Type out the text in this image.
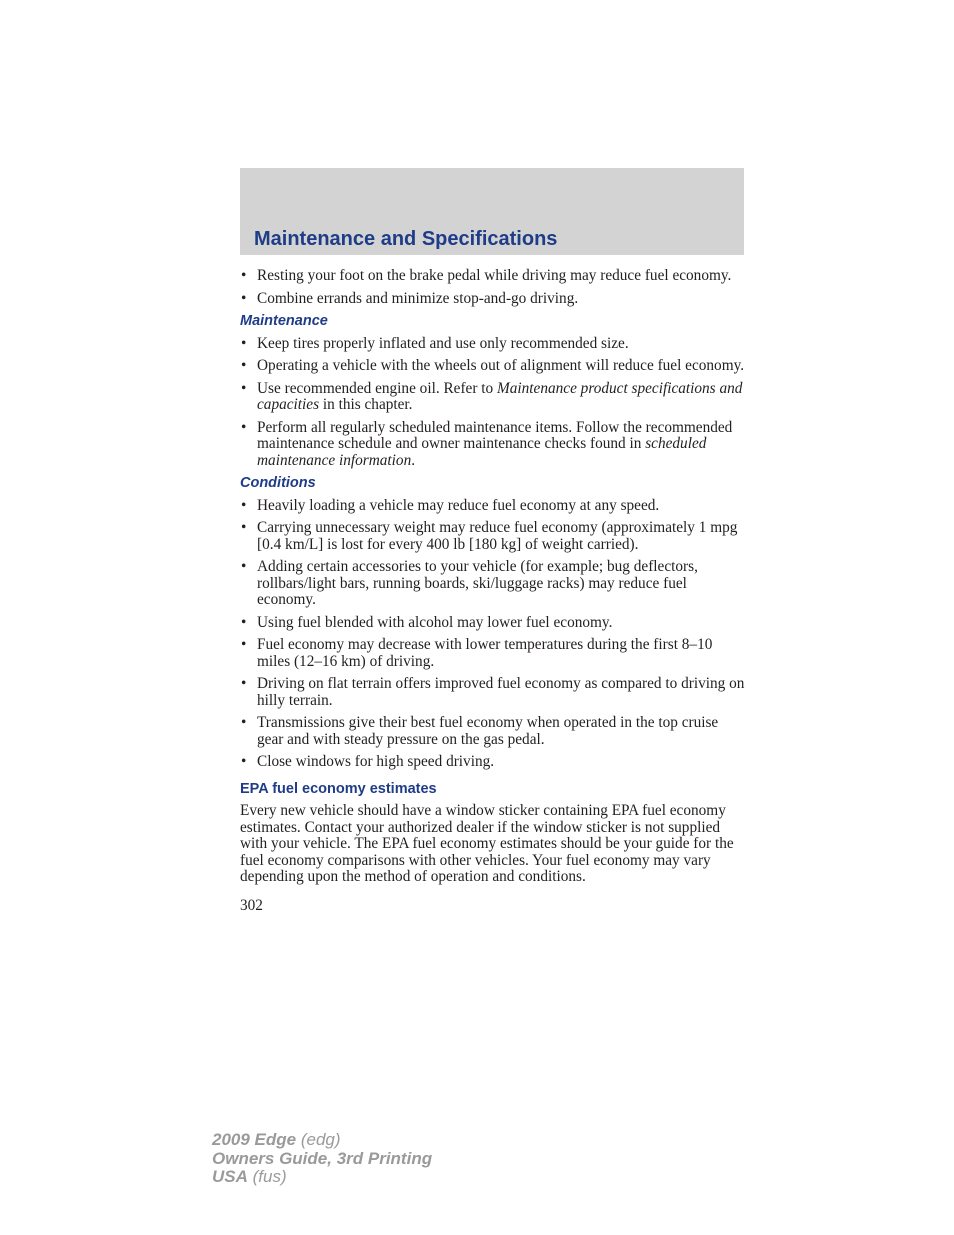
Maintenance and Specifications
• Resting your foot on the brake pedal while driving may reduce fuel economy.
• Combine errands and minimize stop-and-go driving.
Maintenance
• Keep tires properly inflated and use only recommended size.
• Operating a vehicle with the wheels out of alignment will reduce fuel economy.
• Use recommended engine oil. Refer to Maintenance product specifications and capacities in this chapter.
• Perform all regularly scheduled maintenance items. Follow the recommended maintenance schedule and owner maintenance checks found in scheduled maintenance information.
Conditions
• Heavily loading a vehicle may reduce fuel economy at any speed.
• Carrying unnecessary weight may reduce fuel economy (approximately 1 mpg [0.4 km/L] is lost for every 400 lb [180 kg] of weight carried).
• Adding certain accessories to your vehicle (for example; bug deflectors, rollbars/light bars, running boards, ski/luggage racks) may reduce fuel economy.
• Using fuel blended with alcohol may lower fuel economy.
• Fuel economy may decrease with lower temperatures during the first 8–10 miles (12–16 km) of driving.
• Driving on flat terrain offers improved fuel economy as compared to driving on hilly terrain.
• Transmissions give their best fuel economy when operated in the top cruise gear and with steady pressure on the gas pedal.
• Close windows for high speed driving.
EPA fuel economy estimates

Every new vehicle should have a window sticker containing EPA fuel economy estimates. Contact your authorized dealer if the window sticker is not supplied with your vehicle. The EPA fuel economy estimates should be your guide for the fuel economy comparisons with other vehicles. Your fuel economy may vary depending upon the method of operation and conditions.

302
2009 Edge (edg)
Owners Guide, 3rd Printing
USA (fus)
